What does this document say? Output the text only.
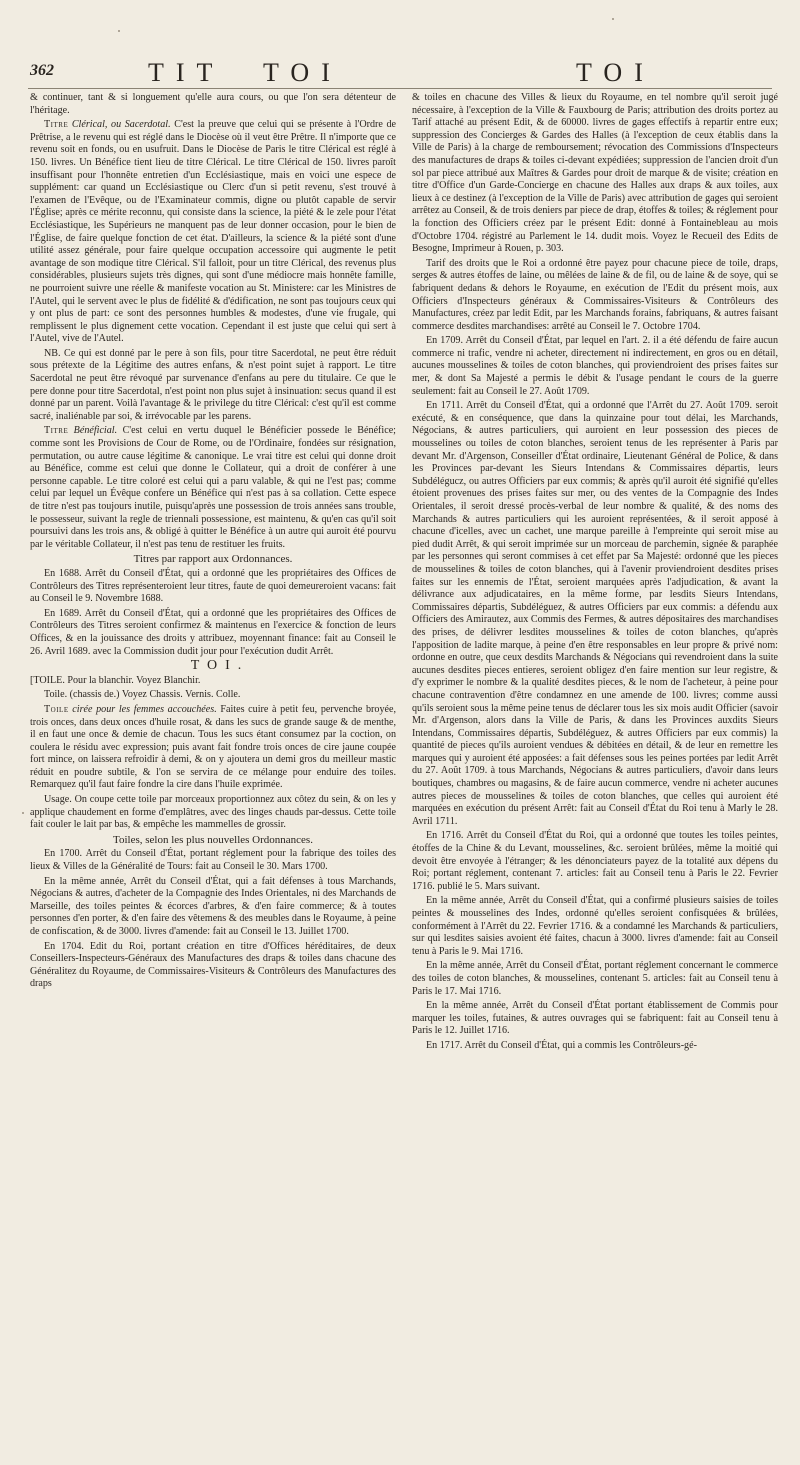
362	TIT TOI	TOI

& continuer, tant & si longuement qu'elle aura cours, ou que l'on sera détenteur de l'héritage.

Titre Clérical, ou Sacerdotal. C'est la preuve que celui qui se présente à l'Ordre de Prêtrise, a le revenu qui est réglé dans le Diocèse où il veut être Prêtre. Il n'importe que ce revenu soit en fonds, ou en usufruit. Dans le Diocèse de Paris le titre Clérical est réglé à 150. livres. Un Bénéfice tient lieu de titre Clérical. Le titre Clérical de 150. livres paroît insuffisant pour l'honnête entretien d'un Ecclésiastique, mais en voici une espece de supplément: car quand un Ecclésiastique ou Clerc d'un si petit revenu, s'est trouvé à l'examen de l'Evêque, ou de l'Examinateur commis, digne ou plutôt capable de servir l'Église; après ce mérite reconnu, qui consiste dans la science, la piété & le zele pour l'état Ecclésiastique, les Supérieurs ne manquent pas de leur donner occasion, pour le bien de l'Église, de faire quelque fonction de cet état. D'ailleurs, la science & la piété sont d'une utilité assez générale, pour faire quelque occupation accessoire qui augmente le petit avantage de son modique titre Clérical. S'il falloit, pour un titre Clérical, des revenus plus considérables, plusieurs sujets très dignes, qui sont d'une médiocre mais honnête famille, ne pourroient suivre une réelle & manifeste vocation au St. Ministere: car les Ministres de l'Autel, qui le servent avec le plus de fidélité & d'édification, ne sont pas toujours ceux qui y ont plus de part: ce sont des personnes humbles & modestes, d'une vie frugale, qui remplissent le plus dignement cette vocation. Cependant il est juste que celui qui sert à l'Autel, vive de l'Autel.

NB. Ce qui est donné par le pere à son fils, pour titre Sacerdotal, ne peut être réduit sous prétexte de la Légitime des autres enfans, & n'est point sujet à rapport. Le titre Sacerdotal ne peut être révoqué par survenance d'enfans au pere du titulaire. Ce que le pere donne pour titre Sacerdotal, n'est point non plus sujet à insinuation: secus quand il est donné par un parent. Voilà l'avantage & le privilege du titre Clérical: c'est qu'il est comme sacré, inaliénable par soi, & irrévocable par les parens.

Titre Bénéficial. C'est celui en vertu duquel le Bénéficier possede le Bénéfice; comme sont les Provisions de Cour de Rome, ou de l'Ordinaire, fondées sur résignation, permutation, ou autre cause légitime & canonique. Le vrai titre est celui qui donne droit au Bénéfice, comme est celui que donne le Collateur, qui a droit de conférer à une personne capable. Le titre coloré est celui qui a paru valable, & qui ne l'est pas; comme celui par lequel un Évêque confere un Bénéfice qui n'est pas à sa collation. Cette espece de titre n'est pas toujours inutile, puisqu'après une possession de trois années sans trouble, le possesseur, suivant la regle de triennali possessione, est maintenu, & qu'en cas qu'il soit poursuivi dans les trois ans, & obligé à quitter le Bénéfice à un autre qui auroit été pourvu par le véritable Collateur, il n'est pas tenu de restituer les fruits.

Titres par rapport aux Ordonnances.

En 1688. Arrêt du Conseil d'État, qui a ordonné que les propriétaires des Offices de Contrôleurs des Titres représenteroient leur titres, faute de quoi demeureroient vacans: fait au Conseil le 9. Novembre 1688.

En 1689. Arrêt du Conseil d'État, qui a ordonné que les propriétaires des Offices de Contrôleurs des Titres seroient confirmez & maintenus en l'exercice & fonction de leurs Offices, & en la jouissance des droits y attribuez, moyennant finance: fait au Conseil le 26. Avril 1689. avec la Commission dudit jour pour l'exécution dudit Arrêt.

TOI.

[TOILE. Pour la blanchir. Voyez Blanchir.

Toile. (chassis de.) Voyez Chassis. Vernis. Colle.

Toile cirée pour les femmes accouchées. Faites cuire à petit feu, pervenche broyée, trois onces, dans deux onces d'huile rosat, & dans les sucs de grande sauge & de menthe, il en faut une once & demie de chacun. Tous les sucs étant consumez par la coction, on coulera le résidu avec expression; puis avant fait fondre trois onces de cire jaune coupée fort mince, on laissera refroidir à demi, & on y ajoutera un demi gros du meilleur mastic réduit en poudre subtile, & l'on se servira de ce mélange pour enduire des toiles. Remarquez qu'il faut faire fondre la cire dans l'huile exprimée.

Usage. On coupe cette toile par morceaux proportionnez aux côtez du sein, & on les y applique chaudement en forme d'emplâtres, avec des linges chauds par-dessus. Cette toile fait couler le lait par bas, & empêche les mammelles de grossir.

Toiles, selon les plus nouvelles Ordonnances.

En 1700. Arrêt du Conseil d'État, portant réglement pour la fabrique des toiles des lieux & Villes de la Généralité de Tours: fait au Conseil le 30. Mars 1700.

En la même année, Arrêt du Conseil d'État, qui a fait défenses à tous Marchands, Négocians & autres, d'acheter de la Compagnie des Indes Orientales, ni des Marchands de Marseille, des toiles peintes & écorces d'arbres, & d'en faire commerce; & à toutes personnes d'en porter, & d'en faire des vêtemens & des meubles dans le Royaume, à peine de confiscation, & de 3000. livres d'amende: fait au Conseil le 13. Juillet 1700.

En 1704. Edit du Roi, portant création en titre d'Offices héréditaires, de deux Conseillers-Inspecteurs-Généraux des Manufactures des draps & toiles dans chacune des Généralitez du Royaume, de Commissaires-Visiteurs & Contrôleurs des Manufactures des draps

& toiles en chacune des Villes & lieux du Royaume, en tel nombre qu'il seroit jugé nécessaire, à l'exception de la Ville & Fauxbourg de Paris; attribution des droits portez au Tarif attaché au présent Edit, & de 60000. livres de gages effectifs à repartir entre eux; suppression des Concierges & Gardes des Halles (à l'exception de ceux établis dans la Ville de Paris) à la charge de remboursement; révocation des Commissions d'Inspecteurs des manufactures de draps & toiles ci-devant expédiées; suppression de l'ancien droit d'un sol par piece attribué aux Maîtres & Gardes pour droit de marque & de visite; création en titre d'Office d'un Garde-Concierge en chacune des Halles aux draps & aux toiles, aux lieux à ce destinez (à l'exception de la Ville de Paris) avec attribution de gages qui seroient arrêtez au Conseil, & de trois deniers par piece de drap, étoffes & toiles; & réglement pour la fonction des Officiers créez par le présent Edit: donné à Fontainebleau au mois d'Octobre 1704. régistré au Parlement le 14. dudit mois. Voyez le Recueil des Edits de Besogne, Imprimeur à Rouen, p. 303.

Tarif des droits que le Roi a ordonné être payez pour chacune piece de toile, draps, serges & autres étoffes de laine, ou mêlées de laine & de fil, ou de laine & de soye, qui se fabriquent dedans & dehors le Royaume, en exécution de l'Edit du présent mois, aux Officiers d'Inspecteurs généraux & Commissaires-Visiteurs & Contrôleurs des Manufactures, créez par ledit Edit, par les Marchands forains, fabriquans, & autres faisant commerce desdites marchandises: arrêté au Conseil le 7. Octobre 1704.

En 1709. Arrêt du Conseil d'État, par lequel en l'art. 2. il a été défendu de faire aucun commerce ni trafic, vendre ni acheter, directement ni indirectement, en gros ou en détail, aucunes mousselines & toiles de coton blanches, qui proviendroient des prises faites sur mer, & dont Sa Majesté a permis le débit & l'usage pendant le cours de la guerre seulement: fait au Conseil le 27. Août 1709.

En 1711. Arrêt du Conseil d'État, qui a ordonné que l'Arrêt du 27. Août 1709. seroit exécuté, & en conséquence, que dans la quinzaine pour tout délai, les Marchands, Négocians, & autres particuliers, qui auroient en leur possession des pieces de mousselines ou toiles de coton blanches, seroient tenus de les représenter à Paris par devant Mr. d'Argenson, Conseiller d'État ordinaire, Lieutenant Général de Police, & dans les Provinces par-devant les Sieurs Intendans & Commissaires départis, leurs Subdélégucz, ou autres Officiers par eux commis; & après qu'il auroit été signifié qu'elles étoient provenues des prises faites sur mer, ou des ventes de la Compagnie des Indes Orientales, il seroit dressé procès-verbal de leur nombre & qualité, & des noms des Marchands & autres particuliers qui les auroient représentées, & il seroit apposé à chacune d'icelles, avec un cachet, une marque pareille à l'empreinte qui seroit mise au pied dudit Arrêt, & qui seroit imprimée sur un morceau de parchemin, signée & paraphée par les personnes qui seront commises à cet effet par Sa Majesté: ordonné que les pieces de mousselines & toiles de coton blanches, qui à l'avenir proviendroient desdites prises faites sur les ennemis de l'État, seroient marquées après l'adjudication, & avant la délivrance aux adjudicataires, en la même forme, par lesdits Sieurs Intendans, Commissaires départis, Subdéléguez, & autres Officiers par eux commis: a défendu aux Officiers des Amirautez, aux Commis des Fermes, & autres dépositaires des marchandises des prises, de délivrer lesdites mousselines & toiles de coton blanches, qu'après l'apposition de ladite marque, à peine d'en être responsables en leur propre & privé nom: ordonne en outre, que ceux desdits Marchands & Négocians qui revendroient dans la suite aucunes desdites pieces entieres, seroient obligez d'en faire mention sur leur registre, & d'y exprimer le nombre & la qualité desdites pieces, & le nom de l'acheteur, à peine pour chacune contravention d'être condamnez en une amende de 100. livres; comme aussi qu'ils seroient sous la même peine tenus de déclarer tous les six mois audit Officier (savoir Mr. d'Argenson, alors dans la Ville de Paris, & dans les Provinces auxdits Sieurs Intendans, Commissaires départis, Subdéléguez, & autres Officiers par eux commis) la quantité de pieces qu'ils auroient vendues & débitées en détail, & de leur en remettre les marques qui y auroient été apposées: a fait défenses sous les peines portées par ledit Arrêt du 27. Août 1709. à tous Marchands, Négocians & autres particuliers, d'avoir dans leurs boutiques, chambres ou magasins, & de faire aucun commerce, vendre ni acheter aucunes autres pieces de mousselines & toiles de coton blanches, que celles qui auroient été marquées en exécution du présent Arrêt: fait au Conseil d'État du Roi tenu à Marly le 28. Avril 1711.

En 1716. Arrêt du Conseil d'État du Roi, qui a ordonné que toutes les toiles peintes, étoffes de la Chine & du Levant, mousselines, &c. seroient brûlées, même la moitié qui devoit être envoyée à l'étranger; & les dénonciateurs payez de la totalité aux dépens du Roi; portant réglement, contenant 7. articles: fait au Conseil tenu à Paris le 22. Fevrier 1716. publié le 5. Mars suivant.

En la même année, Arrêt du Conseil d'État, qui a confirmé plusieurs saisies de toiles peintes & mousselines des Indes, ordonné qu'elles seroient confisquées & brûlées, conformément à l'Arrêt du 22. Fevrier 1716. & a condamné les Marchands & particuliers, sur qui lesdites saisies avoient été faites, chacun à 3000. livres d'amende: fait au Conseil tenu à Paris le 9. Mai 1716.

En la même année, Arrêt du Conseil d'État, portant réglement concernant le commerce des toiles de coton blanches, & mousselines, contenant 5. articles: fait au Conseil tenu à Paris le 17. Mai 1716.

En la même année, Arrêt du Conseil d'État portant établissement de Commis pour marquer les toiles, futaines, & autres ouvrages qui se fabriquent: fait au Conseil tenu à Paris le 12. Juillet 1716.

En 1717. Arrêt du Conseil d'État, qui a commis les Contrôleurs-gé-
